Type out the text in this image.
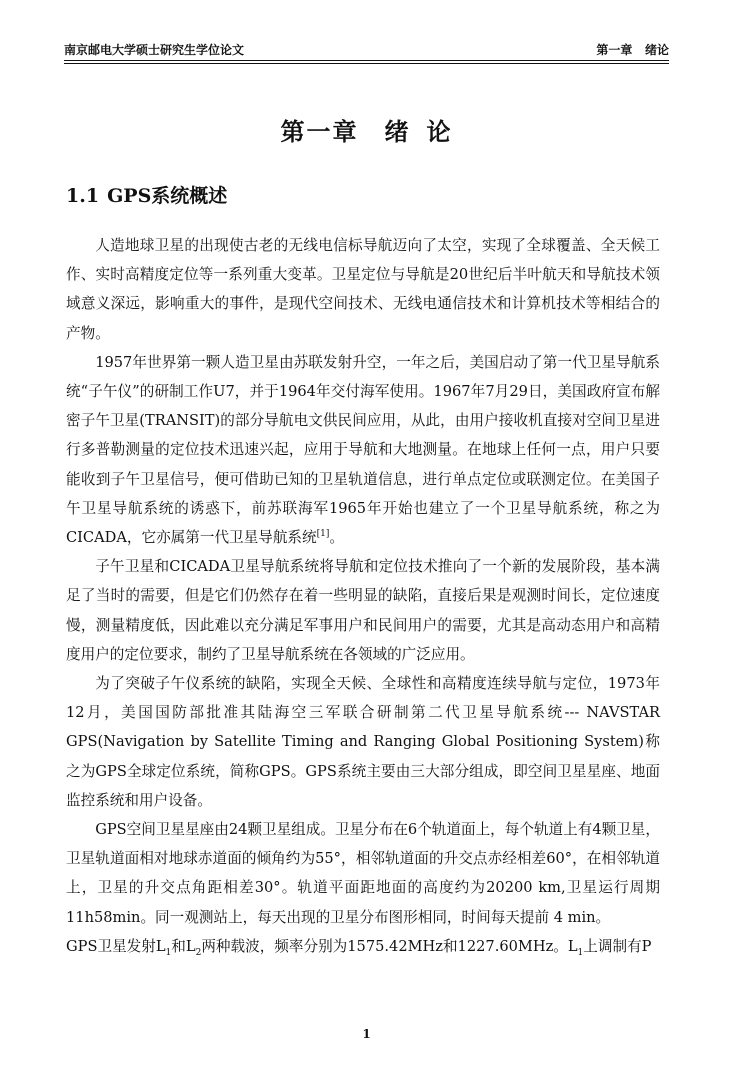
南京邮电大学硕士研究生学位论文	第一章 绪论
第一章 绪 论
1.1 GPS系统概述

人造地球卫星的出现使古老的无线电信标导航迈向了太空，实现了全球覆盖、全天候工作、实时高精度定位等一系列重大变革。卫星定位与导航是20世纪后半叶航天和导航技术领域意义深远，影响重大的事件，是现代空间技术、无线电通信技术和计算机技术等相结合的产物。

1957年世界第一颗人造卫星由苏联发射升空，一年之后，美国启动了第一代卫星导航系统“子午仪”的研制工作U7，并于1964年交付海军使用。1967年7月29日，美国政府宣布解密子午卫星(TRANSIT)的部分导航电文供民间应用，从此，由用户接收机直接对空间卫星进行多普勒测量的定位技术迅速兴起，应用于导航和大地测量。在地球上任何一点，用户只要能收到子午卫星信号，便可借助已知的卫星轨道信息，进行单点定位或联测定位。在美国子午卫星导航系统的诱惑下，前苏联海军1965年开始也建立了一个卫星导航系统，称之为CICADA，它亦属第一代卫星导航系统[1]。

子午卫星和CICADA卫星导航系统将导航和定位技术推向了一个新的发展阶段，基本满足了当时的需要，但是它们仍然存在着一些明显的缺陷，直接后果是观测时间长，定位速度慢，测量精度低，因此难以充分满足军事用户和民间用户的需要，尤其是高动态用户和高精度用户的定位要求，制约了卫星导航系统在各领域的广泛应用。

为了突破子午仪系统的缺陷，实现全天候、全球性和高精度连续导航与定位，1973年12月，美国国防部批准其陆海空三军联合研制第二代卫星导航系统--- NAVSTAR GPS(Navigation by Satellite Timing and Ranging Global Positioning System)称之为GPS全球定位系统，简称GPS。GPS系统主要由三大部分组成，即空间卫星星座、地面监控系统和用户设备。

GPS空间卫星星座由24颗卫星组成。卫星分布在6个轨道面上，每个轨道上有4颗卫星，卫星轨道面相对地球赤道面的倾角约为55°，相邻轨道面的升交点赤经相差60°，在相邻轨道上，卫星的升交点角距相差30°。轨道平面距地面的高度约为20200 km,卫星运行周期 11h58min。同一观测站上，每天出现的卫星分布图形相同，时间每天提前 4 min。

GPS卫星发射$L_1$和$L_2$两种载波，频率分别为1575.42MHz和1227.60MHz。$L_1$上调制有P

1
